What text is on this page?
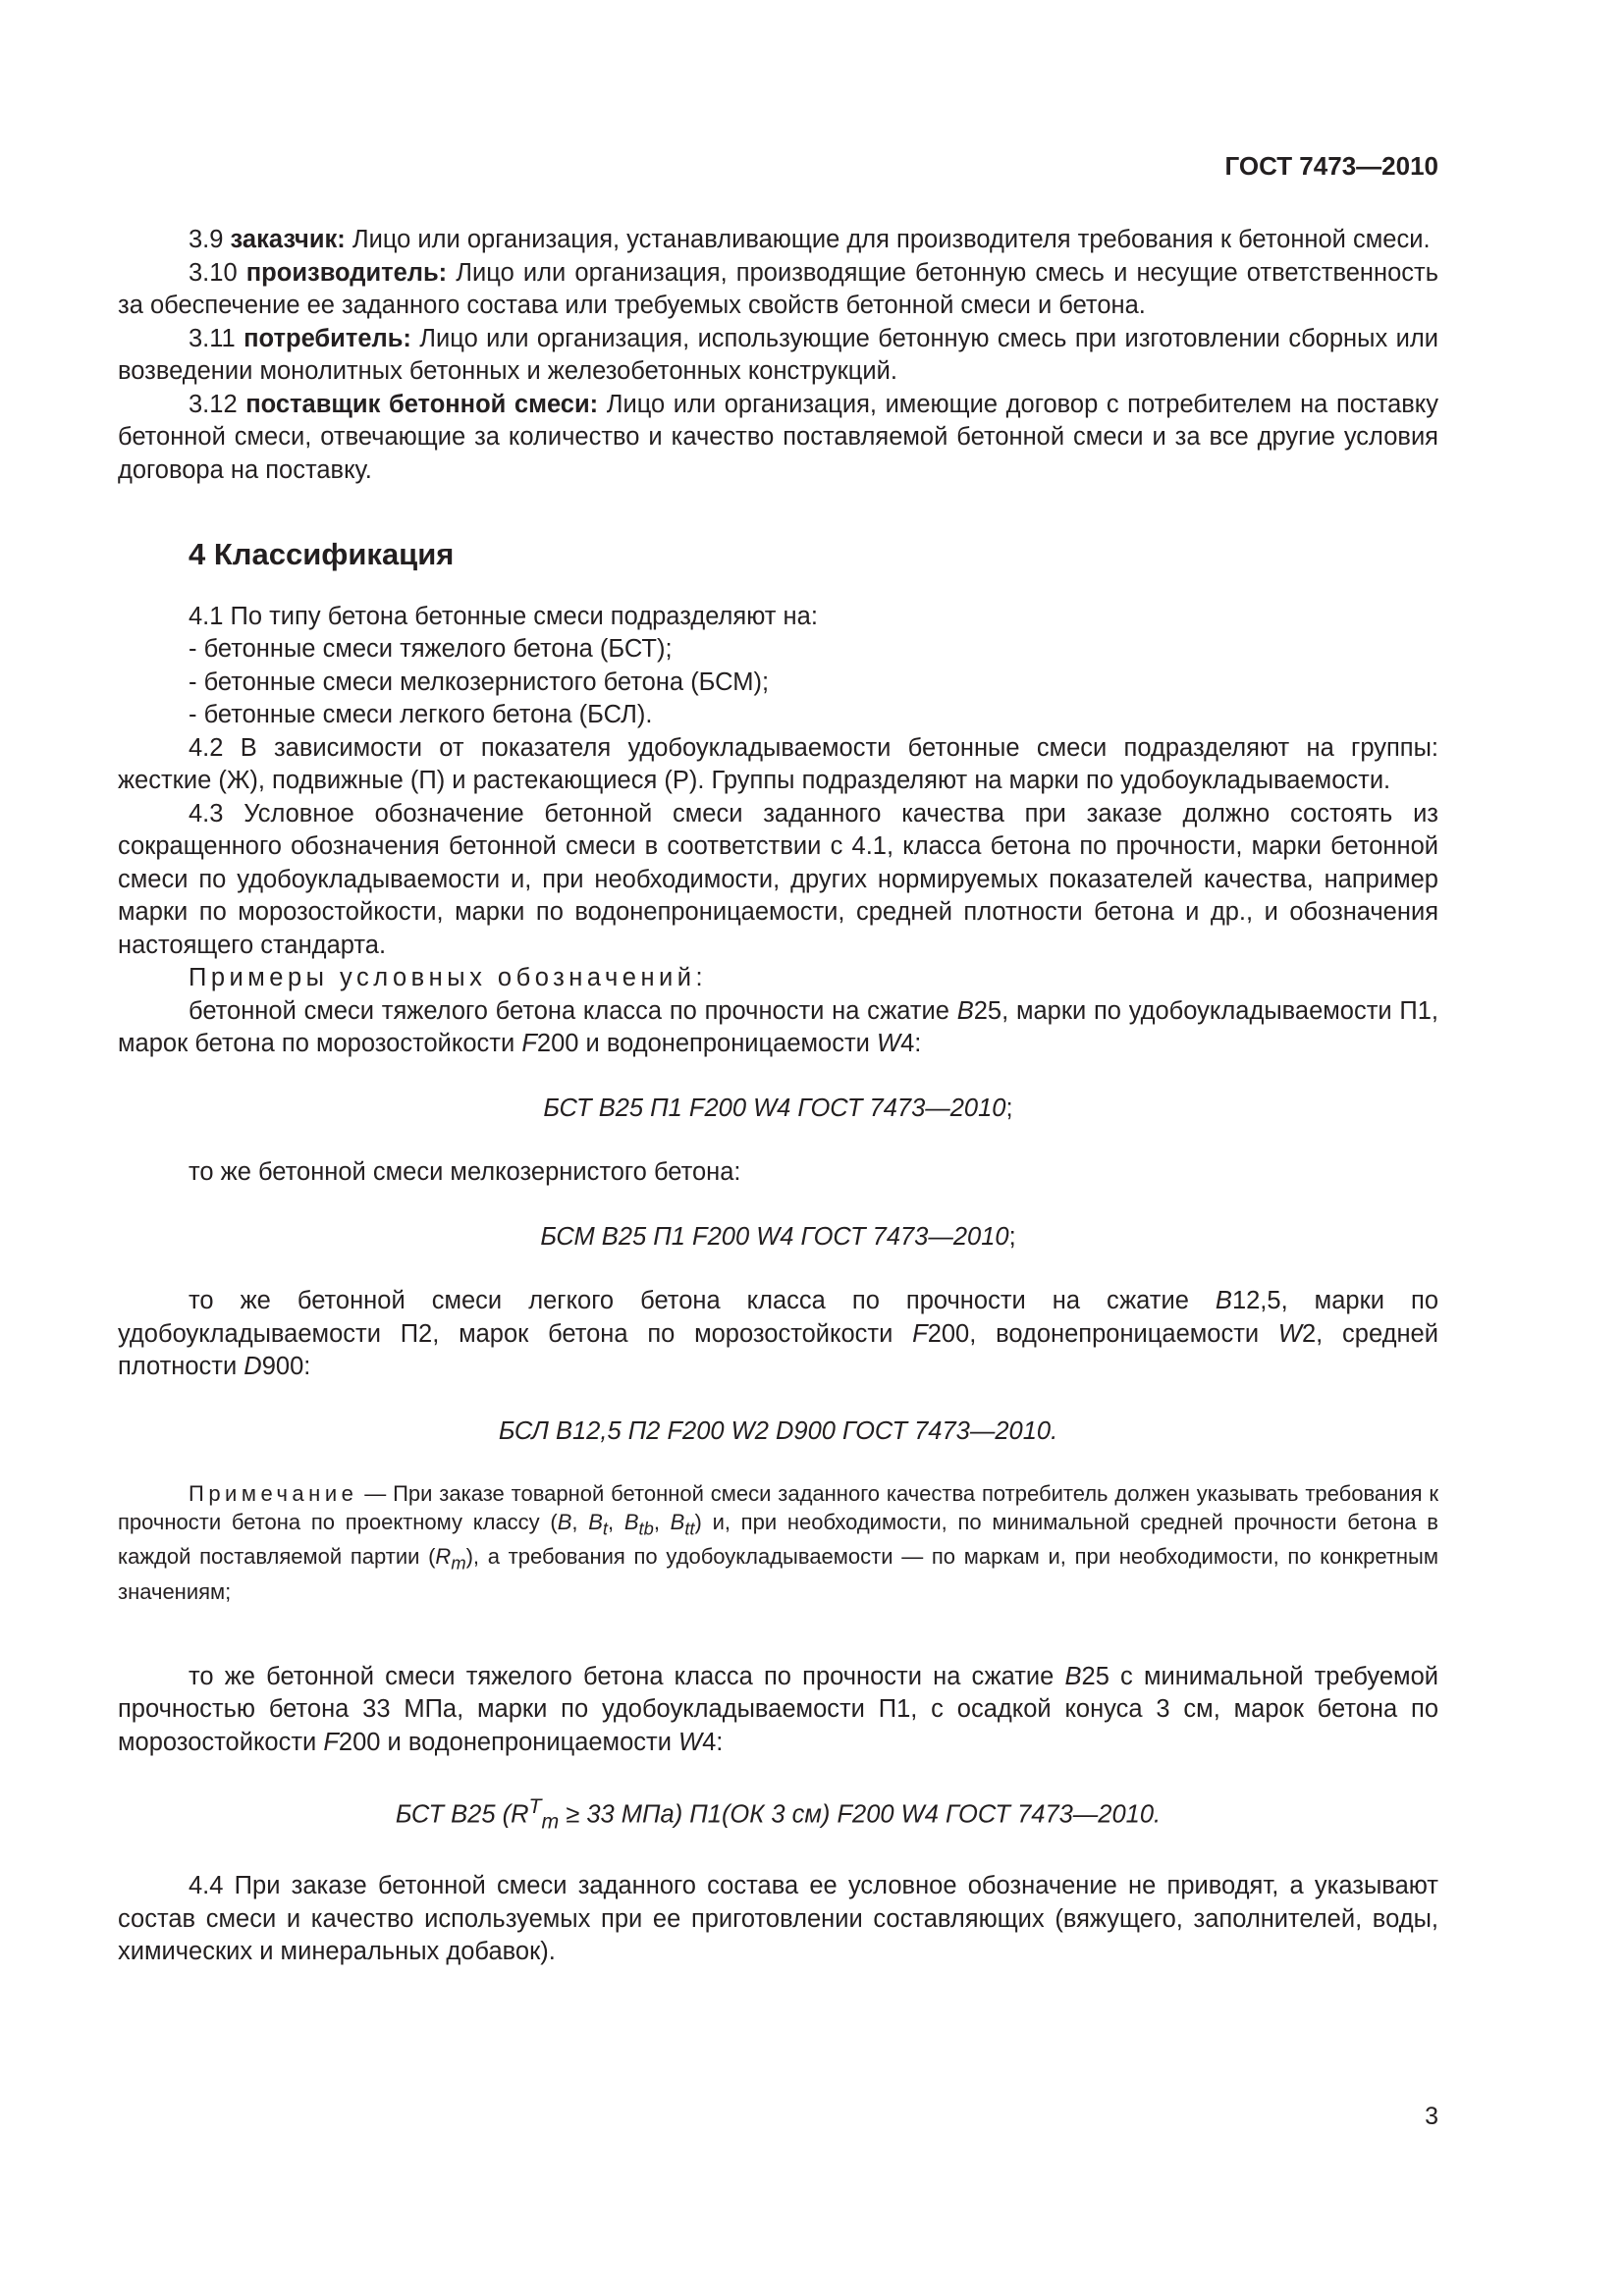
ГОСТ 7473—2010

3.9 заказчик: Лицо или организация, устанавливающие для производителя требования к бетонной смеси.

3.10 производитель: Лицо или организация, производящие бетонную смесь и несущие ответственность за обеспечение ее заданного состава или требуемых свойств бетонной смеси и бетона.

3.11 потребитель: Лицо или организация, использующие бетонную смесь при изготовлении сборных или возведении монолитных бетонных и железобетонных конструкций.

3.12 поставщик бетонной смеси: Лицо или организация, имеющие договор с потребителем на поставку бетонной смеси, отвечающие за количество и качество поставляемой бетонной смеси и за все другие условия договора на поставку.

4 Классификация

4.1 По типу бетона бетонные смеси подразделяют на:

- бетонные смеси тяжелого бетона (БСТ);

- бетонные смеси мелкозернистого бетона (БСМ);

- бетонные смеси легкого бетона (БСЛ).

4.2 В зависимости от показателя удобоукладываемости бетонные смеси подразделяют на группы: жесткие (Ж), подвижные (П) и растекающиеся (Р). Группы подразделяют на марки по удобоукладываемости.

4.3 Условное обозначение бетонной смеси заданного качества при заказе должно состоять из сокращенного обозначения бетонной смеси в соответствии с 4.1, класса бетона по прочности, марки бетонной смеси по удобоукладываемости и, при необходимости, других нормируемых показателей качества, например марки по морозостойкости, марки по водонепроницаемости, средней плотности бетона и др., и обозначения настоящего стандарта.

Примеры условных обозначений:

бетонной смеси тяжелого бетона класса по прочности на сжатие B25, марки по удобоукладываемости П1, марок бетона по морозостойкости F200 и водонепроницаемости W4:

БСТ В25 П1 F200 W4 ГОСТ 7473—2010;

то же бетонной смеси мелкозернистого бетона:

БСМ В25 П1 F200 W4 ГОСТ 7473—2010;

то же бетонной смеси легкого бетона класса по прочности на сжатие B12,5, марки по удобоукладываемости П2, марок бетона по морозостойкости F200, водонепроницаемости W2, средней плотности D900:

БСЛ В12,5 П2 F200 W2 D900 ГОСТ 7473—2010.

Примечание — При заказе товарной бетонной смеси заданного качества потребитель должен указывать требования к прочности бетона по проектному классу (B, $B_t$, $B_{tb}$, $B_{tt}$) и, при необходимости, по минимальной средней прочности бетона в каждой поставляемой партии $(R_m)$, а требования по удобоукладываемости — по маркам и, при необходимости, по конкретным значениям;

то же бетонной смеси тяжелого бетона класса по прочности на сжатие B25 с минимальной требуемой прочностью бетона 33 МПа, марки по удобоукладываемости П1, с осадкой конуса 3 см, марок бетона по морозостойкости F200 и водонепроницаемости W4:

БСТ В25 ($R^T_m \ge 33$ МПа) П1(ОК 3 см) F200 W4 ГОСТ 7473—2010.

4.4 При заказе бетонной смеси заданного состава ее условное обозначение не приводят, а указывают состав смеси и качество используемых при ее приготовлении составляющих (вяжущего, заполнителей, воды, химических и минеральных добавок).

3
